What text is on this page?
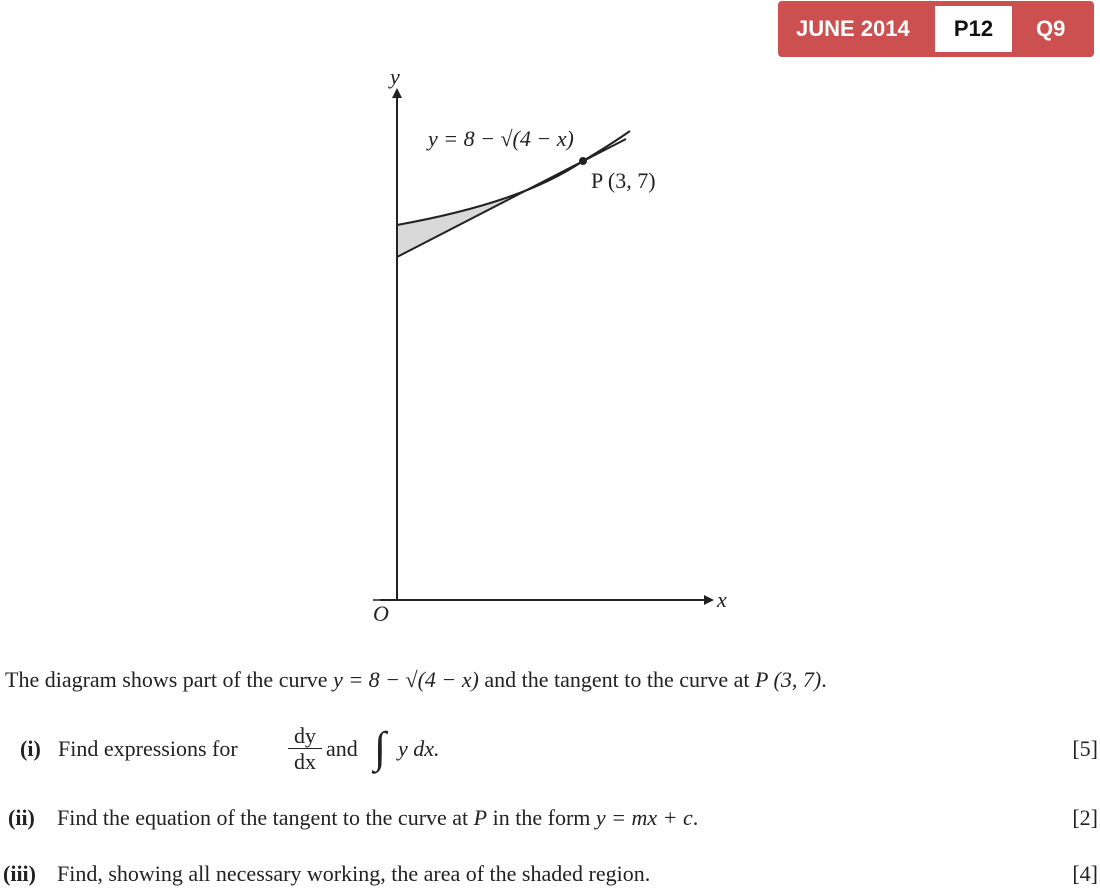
JUNE 2014	P12	Q9
y = 8 − √(4 − x)
P (3, 7)
y
x
O
The diagram shows part of the curve y = 8 − √(4 − x) and the tangent to the curve at P (3, 7).
(i) Find expressions for $\frac{dy}{dx}$ and ∫ y dx.	[5]
(ii) Find the equation of the tangent to the curve at P in the form y = mx + c.	[2]
(iii) Find, showing all necessary working, the area of the shaded region.	[4]
